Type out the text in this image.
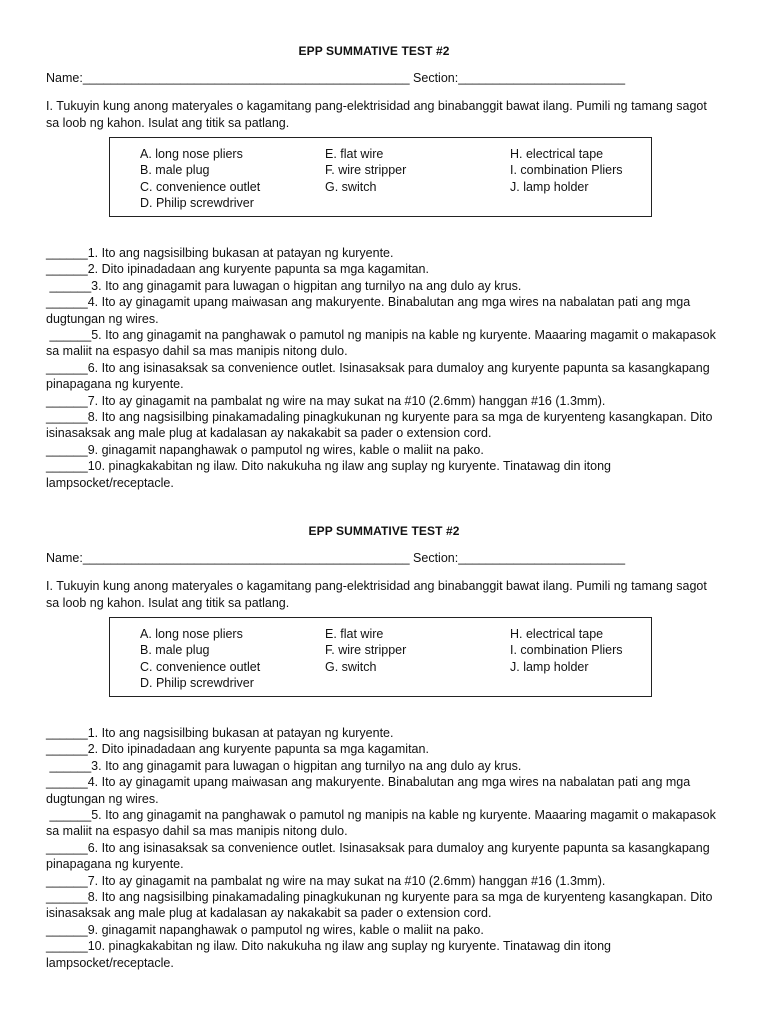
EPP SUMMATIVE TEST #2
Name:_______________________________________________ Section:________________________
I. Tukuyin kung anong materyales o kagamitang pang-elektrisidad ang binabanggit bawat ilang. Pumili ng tamang sagot sa loob ng kahon. Isulat ang titik sa patlang.
A. long nose pliers
B. male plug
C. convenience outlet
D. Philip screwdriver
E. flat wire
F. wire stripper
G. switch
H. electrical tape
I. combination Pliers
J. lamp holder

______1. Ito ang nagsisilbing bukasan at patayan ng kuryente.

______2. Dito ipinadadaan ang kuryente papunta sa mga kagamitan.

______3. Ito ang ginagamit para luwagan o higpitan ang turnilyo na ang dulo ay krus.

______4. Ito ay ginagamit upang maiwasan ang makuryente. Binabalutan ang mga wires na nabalatan pati ang mga dugtungan ng wires.

______5. Ito ang ginagamit na panghawak o pamutol ng manipis na kable ng kuryente. Maaaring magamit o makapasok sa maliit na espasyo dahil sa mas manipis nitong dulo.

______6. Ito ang isinasaksak sa convenience outlet. Isinasaksak para dumaloy ang kuryente papunta sa kasangkapang pinapagana ng kuryente.

______7. Ito ay ginagamit na pambalat ng wire na may sukat na #10 (2.6mm) hanggan #16 (1.3mm).

______8. Ito ang nagsisilbing pinakamadaling pinagkukunan ng kuryente para sa mga de kuryenteng kasangkapan. Dito isinasaksak ang male plug at kadalasan ay nakakabit sa pader o extension cord.

______9. ginagamit napanghawak o pamputol ng wires, kable o maliit na pako.

______10. pinagkakabitan ng ilaw. Dito nakukuha ng ilaw ang suplay ng kuryente. Tinatawag din itong lampsocket/receptacle.

EPP SUMMATIVE TEST #2
Name:_______________________________________________ Section:________________________
I. Tukuyin kung anong materyales o kagamitang pang-elektrisidad ang binabanggit bawat ilang. Pumili ng tamang sagot sa loob ng kahon. Isulat ang titik sa patlang.
A. long nose pliers
B. male plug
C. convenience outlet
D. Philip screwdriver
E. flat wire
F. wire stripper
G. switch
H. electrical tape
I. combination Pliers
J. lamp holder

______1. Ito ang nagsisilbing bukasan at patayan ng kuryente.

______2. Dito ipinadadaan ang kuryente papunta sa mga kagamitan.

______3. Ito ang ginagamit para luwagan o higpitan ang turnilyo na ang dulo ay krus.

______4. Ito ay ginagamit upang maiwasan ang makuryente. Binabalutan ang mga wires na nabalatan pati ang mga dugtungan ng wires.

______5. Ito ang ginagamit na panghawak o pamutol ng manipis na kable ng kuryente. Maaaring magamit o makapasok sa maliit na espasyo dahil sa mas manipis nitong dulo.

______6. Ito ang isinasaksak sa convenience outlet. Isinasaksak para dumaloy ang kuryente papunta sa kasangkapang pinapagana ng kuryente.

______7. Ito ay ginagamit na pambalat ng wire na may sukat na #10 (2.6mm) hanggan #16 (1.3mm).

______8. Ito ang nagsisilbing pinakamadaling pinagkukunan ng kuryente para sa mga de kuryenteng kasangkapan. Dito isinasaksak ang male plug at kadalasan ay nakakabit sa pader o extension cord.

______9. ginagamit napanghawak o pamputol ng wires, kable o maliit na pako.

______10. pinagkakabitan ng ilaw. Dito nakukuha ng ilaw ang suplay ng kuryente. Tinatawag din itong lampsocket/receptacle.
